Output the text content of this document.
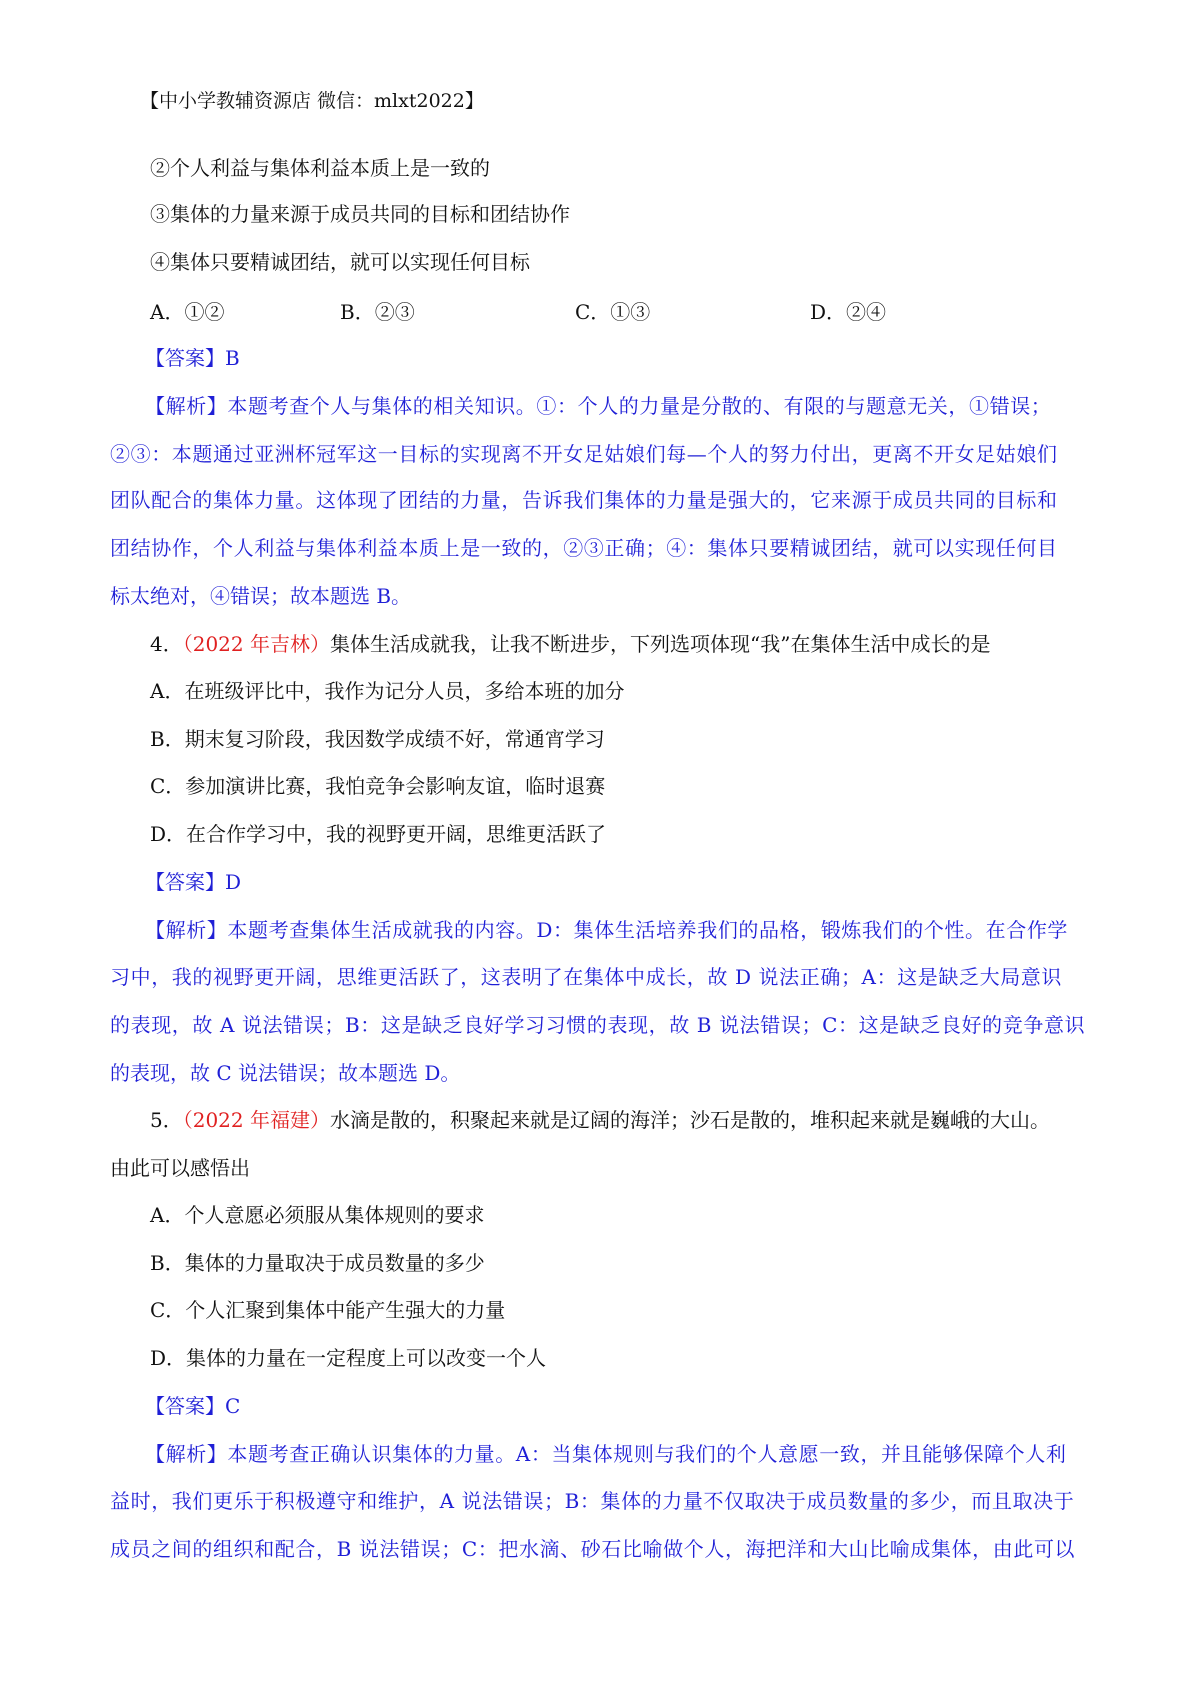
【中小学教辅资源店 微信：mlxt2022】
②个人利益与集体利益本质上是一致的
③集体的力量来源于成员共同的目标和团结协作
④集体只要精诚团结，就可以实现任何目标
A．①②	B．②③	C．①③	D．②④
【答案】B
【解析】本题考查个人与集体的相关知识。①：个人的力量是分散的、有限的与题意无关，①错误；
②③：本题通过亚洲杯冠军这一目标的实现离不开女足姑娘们每—个人的努力付出，更离不开女足姑娘们
团队配合的集体力量。这体现了团结的力量，告诉我们集体的力量是强大的，它来源于成员共同的目标和
团结协作，个人利益与集体利益本质上是一致的，②③正确；④：集体只要精诚团结，就可以实现任何目
标太绝对，④错误；故本题选 B。
4．（2022 年吉林）集体生活成就我，让我不断进步，下列选项体现“我”在集体生活中成长的是
A．在班级评比中，我作为记分人员，多给本班的加分
B．期末复习阶段，我因数学成绩不好，常通宵学习
C．参加演讲比赛，我怕竞争会影响友谊，临时退赛
D．在合作学习中，我的视野更开阔，思维更活跃了
【答案】D
【解析】本题考查集体生活成就我的内容。D：集体生活培养我们的品格，锻炼我们的个性。在合作学
习中，我的视野更开阔，思维更活跃了，这表明了在集体中成长，故 D 说法正确；A：这是缺乏大局意识
的表现，故 A 说法错误；B：这是缺乏良好学习习惯的表现，故 B 说法错误；C：这是缺乏良好的竞争意识
的表现，故 C 说法错误；故本题选 D。
5．（2022 年福建）水滴是散的，积聚起来就是辽阔的海洋；沙石是散的，堆积起来就是巍峨的大山。
由此可以感悟出
A．个人意愿必须服从集体规则的要求
B．集体的力量取决于成员数量的多少
C．个人汇聚到集体中能产生强大的力量
D．集体的力量在一定程度上可以改变一个人
【答案】C
【解析】本题考查正确认识集体的力量。A：当集体规则与我们的个人意愿一致，并且能够保障个人利
益时，我们更乐于积极遵守和维护，A 说法错误；B：集体的力量不仅取决于成员数量的多少，而且取决于
成员之间的组织和配合，B 说法错误；C：把水滴、砂石比喻做个人，海把洋和大山比喻成集体，由此可以
